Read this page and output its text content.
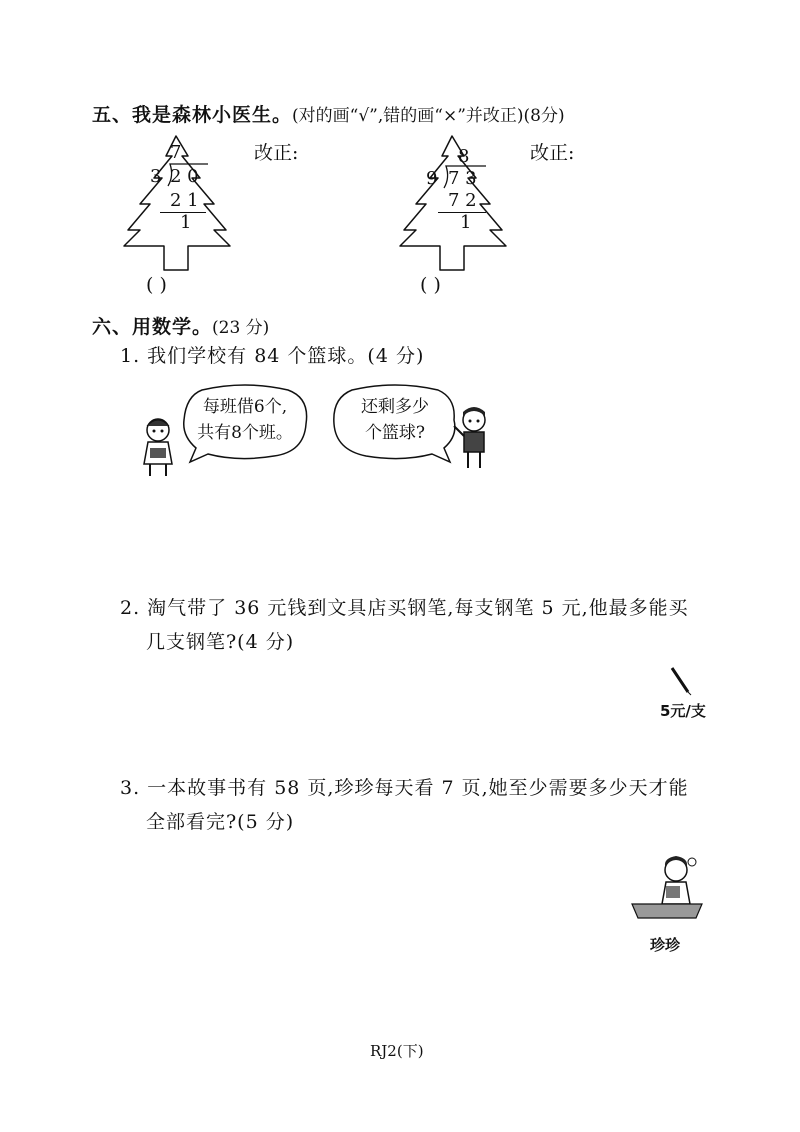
五、我是森林小医生。(对的画“√”,错的画“×”并改正)(8分)
7
3 2 0
2 1
1
改正:
( )
8
9 7 3
7 2
1
改正:
( )
六、用数学。(23 分)
1. 我们学校有 84 个篮球。(4 分)
每班借6个,
共有8个班。
还剩多少
个篮球?
2. 淘气带了 36 元钱到文具店买钢笔,每支钢笔 5 元,他最多能买
几支钢笔?(4 分)
5元/支
3. 一本故事书有 58 页,珍珍每天看 7 页,她至少需要多少天才能
全部看完?(5 分)
珍珍
RJ2(下)
